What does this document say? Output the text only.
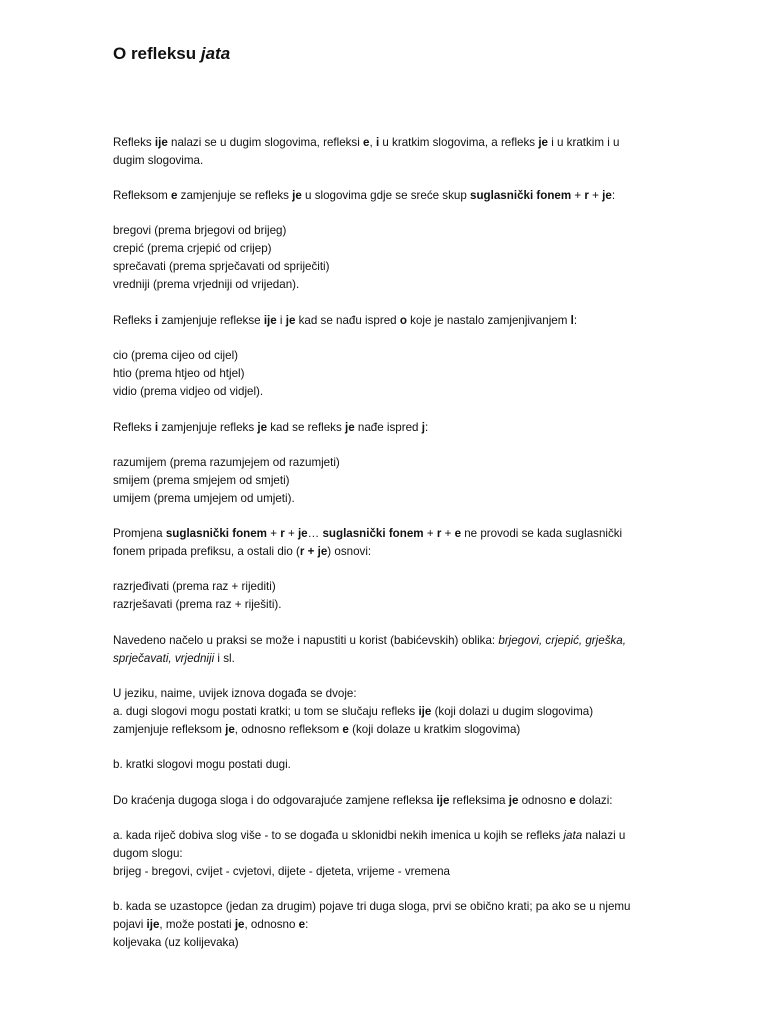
O refleksu jata

Refleks ije nalazi se u dugim slogovima, refleksi e, i u kratkim slogovima, a refleks je i u kratkim i u
dugim slogovima.

Refleksom e zamjenjuje se refleks je u slogovima gdje se sreće skup suglasnički fonem + r + je:

bregovi (prema brjegovi od brijeg)
crepić (prema crjepić od crijep)
sprečavati (prema sprječavati od spriječiti)
vredniji (prema vrjedniji od vrijedan).

Refleks i zamjenjuje reflekse ije i je kad se nađu ispred o koje je nastalo zamjenjivanjem l:

cio (prema cijeo od cijel)
htio (prema htjeo od htjel)
vidio (prema vidjeo od vidjel).

Refleks i zamjenjuje refleks je kad se refleks je nađe ispred j:

razumijem (prema razumjejem od razumjeti)
smijem (prema smjejem od smjeti)
umijem (prema umjejem od umjeti).

Promjena suglasnički fonem + r + je… suglasnički fonem + r + e ne provodi se kada suglasnički
fonem pripada prefiksu, a ostali dio (r + je) osnovi:

razrjeđivati (prema raz + rijediti)
razrješavati (prema raz + riješiti).

Navedeno načelo u praksi se može i napustiti u korist (babićevskih) oblika: brjegovi, crjepić, grješka,
sprječavati, vrjedniji i sl.

U jeziku, naime, uvijek iznova događa se dvoje:
a. dugi slogovi mogu postati kratki; u tom se slučaju refleks ije (koji dolazi u dugim slogovima)
zamjenjuje refleksom je, odnosno refleksom e (koji dolaze u kratkim slogovima)

b. kratki slogovi mogu postati dugi.

Do kraćenja dugoga sloga i do odgovarajuće zamjene refleksa ije refleksima je odnosno e dolazi:

a. kada riječ dobiva slog više - to se događa u sklonidbi nekih imenica u kojih se refleks jata nalazi u
dugom slogu:
brijeg - bregovi, cvijet - cvjetovi, dijete - djeteta, vrijeme - vremena

b. kada se uzastopce (jedan za drugim) pojave tri duga sloga, prvi se obično krati; pa ako se u njemu
pojavi ije, može postati je, odnosno e:
koljevaka (uz kolijevaka)
